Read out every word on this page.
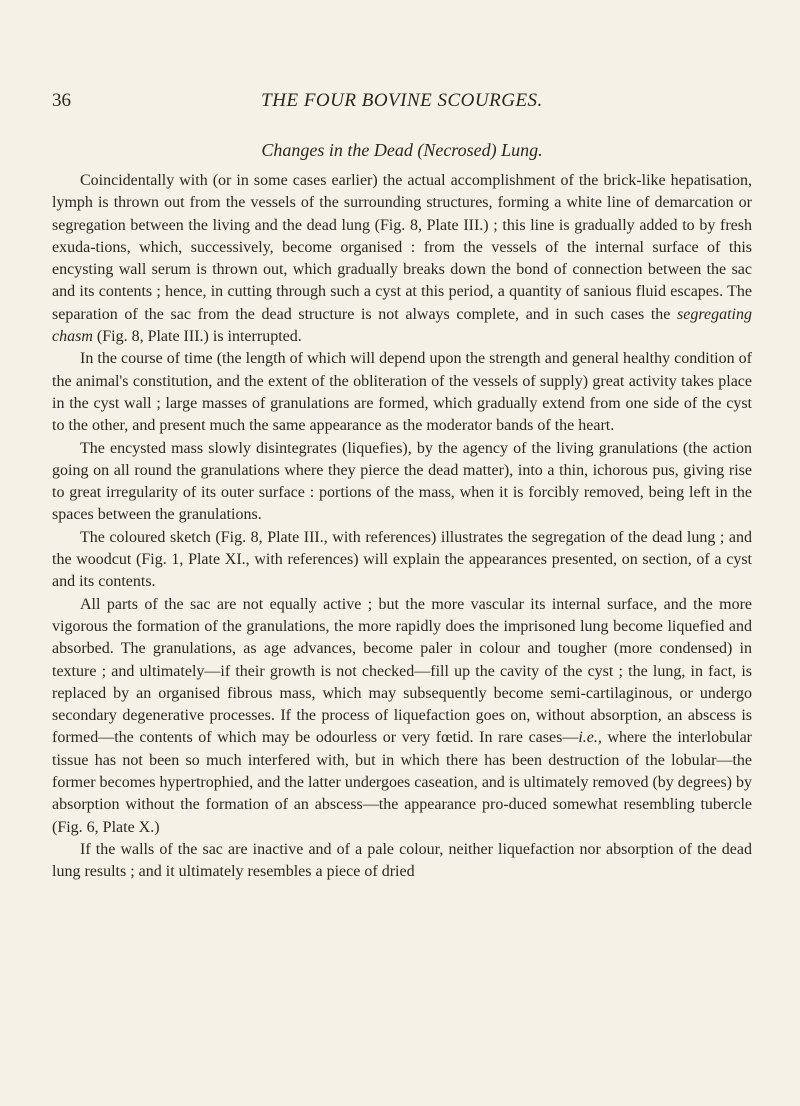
36	THE FOUR BOVINE SCOURGES.
Changes in the Dead (Necrosed) Lung.

Coincidentally with (or in some cases earlier) the actual accomplishment of the brick-like hepatisation, lymph is thrown out from the vessels of the surrounding structures, forming a white line of demarcation or segregation between the living and the dead lung (Fig. 8, Plate III.) ; this line is gradually added to by fresh exuda-tions, which, successively, become organised : from the vessels of the internal surface of this encysting wall serum is thrown out, which gradually breaks down the bond of connection between the sac and its contents ; hence, in cutting through such a cyst at this period, a quantity of sanious fluid escapes. The separation of the sac from the dead structure is not always complete, and in such cases the segregating chasm (Fig. 8, Plate III.) is interrupted.

In the course of time (the length of which will depend upon the strength and general healthy condition of the animal's constitution, and the extent of the obliteration of the vessels of supply) great activity takes place in the cyst wall ; large masses of granulations are formed, which gradually extend from one side of the cyst to the other, and present much the same appearance as the moderator bands of the heart.

The encysted mass slowly disintegrates (liquefies), by the agency of the living granulations (the action going on all round the granulations where they pierce the dead matter), into a thin, ichorous pus, giving rise to great irregularity of its outer surface : portions of the mass, when it is forcibly removed, being left in the spaces between the granulations.

The coloured sketch (Fig. 8, Plate III., with references) illustrates the segregation of the dead lung ; and the woodcut (Fig. 1, Plate XI., with references) will explain the appearances presented, on section, of a cyst and its contents.

All parts of the sac are not equally active ; but the more vascular its internal surface, and the more vigorous the formation of the granulations, the more rapidly does the imprisoned lung become liquefied and absorbed. The granulations, as age advances, become paler in colour and tougher (more condensed) in texture ; and ultimately—if their growth is not checked—fill up the cavity of the cyst ; the lung, in fact, is replaced by an organised fibrous mass, which may subsequently become semi-cartilaginous, or undergo secondary degenerative processes. If the process of liquefaction goes on, without absorption, an abscess is formed—the contents of which may be odourless or very fœtid. In rare cases—i.e., where the interlobular tissue has not been so much interfered with, but in which there has been destruction of the lobular—the former becomes hypertrophied, and the latter undergoes caseation, and is ultimately removed (by degrees) by absorption without the formation of an abscess—the appearance pro-duced somewhat resembling tubercle (Fig. 6, Plate X.)

If the walls of the sac are inactive and of a pale colour, neither liquefaction nor absorption of the dead lung results ; and it ultimately resembles a piece of dried
